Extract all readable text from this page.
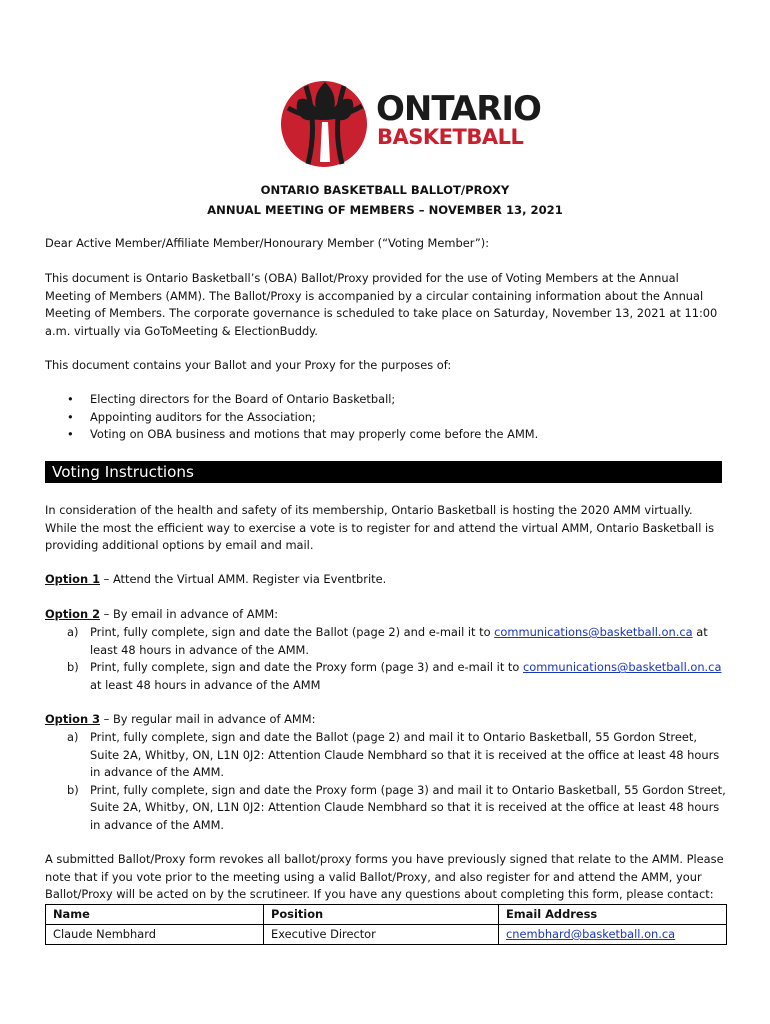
ONTARIO
BASKETBALL
ONTARIO BASKETBALL BALLOT/PROXY
ANNUAL MEETING OF MEMBERS – NOVEMBER 13, 2021

Dear Active Member/Affiliate Member/Honourary Member (“Voting Member”):

This document is Ontario Basketball’s (OBA) Ballot/Proxy provided for the use of Voting Members at the Annual Meeting of Members (AMM). The Ballot/Proxy is accompanied by a circular containing information about the Annual Meeting of Members. The corporate governance is scheduled to take place on Saturday, November 13, 2021 at 11:00 a.m. virtually via GoToMeeting & ElectionBuddy.

This document contains your Ballot and your Proxy for the purposes of:

• Electing directors for the Board of Ontario Basketball;
• Appointing auditors for the Association;
• Voting on OBA business and motions that may properly come before the AMM.
Voting Instructions

In consideration of the health and safety of its membership, Ontario Basketball is hosting the 2020 AMM virtually. While the most the efficient way to exercise a vote is to register for and attend the virtual AMM, Ontario Basketball is providing additional options by email and mail.

Option 1 – Attend the Virtual AMM. Register via Eventbrite.
Option 2 – By email in advance of AMM:
a) Print, fully complete, sign and date the Ballot (page 2) and e-mail it to communications@basketball.on.ca at least 48 hours in advance of the AMM.
b) Print, fully complete, sign and date the Proxy form (page 3) and e-mail it to communications@basketball.on.ca at least 48 hours in advance of the AMM
Option 3 – By regular mail in advance of AMM:
a) Print, fully complete, sign and date the Ballot (page 2) and mail it to Ontario Basketball, 55 Gordon Street, Suite 2A, Whitby, ON, L1N 0J2: Attention Claude Nembhard so that it is received at the office at least 48 hours in advance of the AMM.
b) Print, fully complete, sign and date the Proxy form (page 3) and mail it to Ontario Basketball, 55 Gordon Street, Suite 2A, Whitby, ON, L1N 0J2: Attention Claude Nembhard so that it is received at the office at least 48 hours in advance of the AMM.

A submitted Ballot/Proxy form revokes all ballot/proxy forms you have previously signed that relate to the AMM. Please note that if you vote prior to the meeting using a valid Ballot/Proxy, and also register for and attend the AMM, your Ballot/Proxy will be acted on by the scrutineer. If you have any questions about completing this form, please contact:

Name	Position	Email Address
Claude Nembhard	Executive Director	cnembhard@basketball.on.ca
